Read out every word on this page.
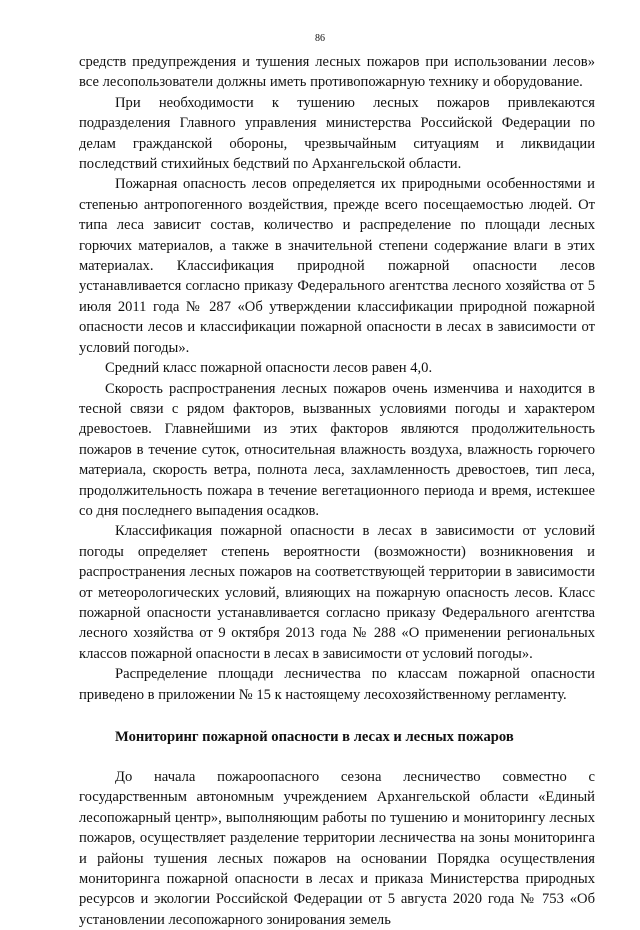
86

средств предупреждения и тушения лесных пожаров при использовании лесов» все лесопользователи должны иметь противопожарную технику и оборудование.

При необходимости к тушению лесных пожаров привлекаются подразделения Главного управления министерства Российской Федерации по делам гражданской обороны, чрезвычайным ситуациям и ликвидации последствий стихийных бедствий по Архангельской области.

Пожарная опасность лесов определяется их природными особенностями и степенью антропогенного воздействия, прежде всего посещаемостью людей. От типа леса зависит состав, количество и распределение по площади лесных горючих материалов, а также в значительной степени содержание влаги в этих материалах. Классификация природной пожарной опасности лесов устанавливается согласно приказу Федерального агентства лесного хозяйства от 5 июля 2011 года № 287 «Об утверждении классификации природной пожарной опасности лесов и классификации пожарной опасности в лесах в зависимости от условий погоды».

Средний класс пожарной опасности лесов равен 4,0.

Скорость распространения лесных пожаров очень изменчива и находится в тесной связи с рядом факторов, вызванных условиями погоды и характером древостоев. Главнейшими из этих факторов являются продолжительность пожаров в течение суток, относительная влажность воздуха, влажность горючего материала, скорость ветра, полнота леса, захламленность древостоев, тип леса, продолжительность пожара в течение вегетационного периода и время, истекшее со дня последнего выпадения осадков.

Классификация пожарной опасности в лесах в зависимости от условий погоды определяет степень вероятности (возможности) возникновения и распространения лесных пожаров на соответствующей территории в зависимости от метеорологических условий, влияющих на пожарную опасность лесов. Класс пожарной опасности устанавливается согласно приказу Федерального агентства лесного хозяйства от 9 октября 2013 года № 288 «О применении региональных классов пожарной опасности в лесах в зависимости от условий погоды».

Распределение площади лесничества по классам пожарной опасности приведено в приложении № 15 к настоящему лесохозяйственному регламенту.

Мониторинг пожарной опасности в лесах и лесных пожаров

До начала пожароопасного сезона лесничество совместно с государственным автономным учреждением Архангельской области «Единый лесопожарный центр», выполняющим работы по тушению и мониторингу лесных пожаров, осуществляет разделение территории лесничества на зоны мониторинга и районы тушения лесных пожаров на основании Порядка осуществления мониторинга пожарной опасности в лесах и приказа Министерства природных ресурсов и экологии Российской Федерации от 5 августа 2020 года № 753 «Об установлении лесопожарного зонирования земель
